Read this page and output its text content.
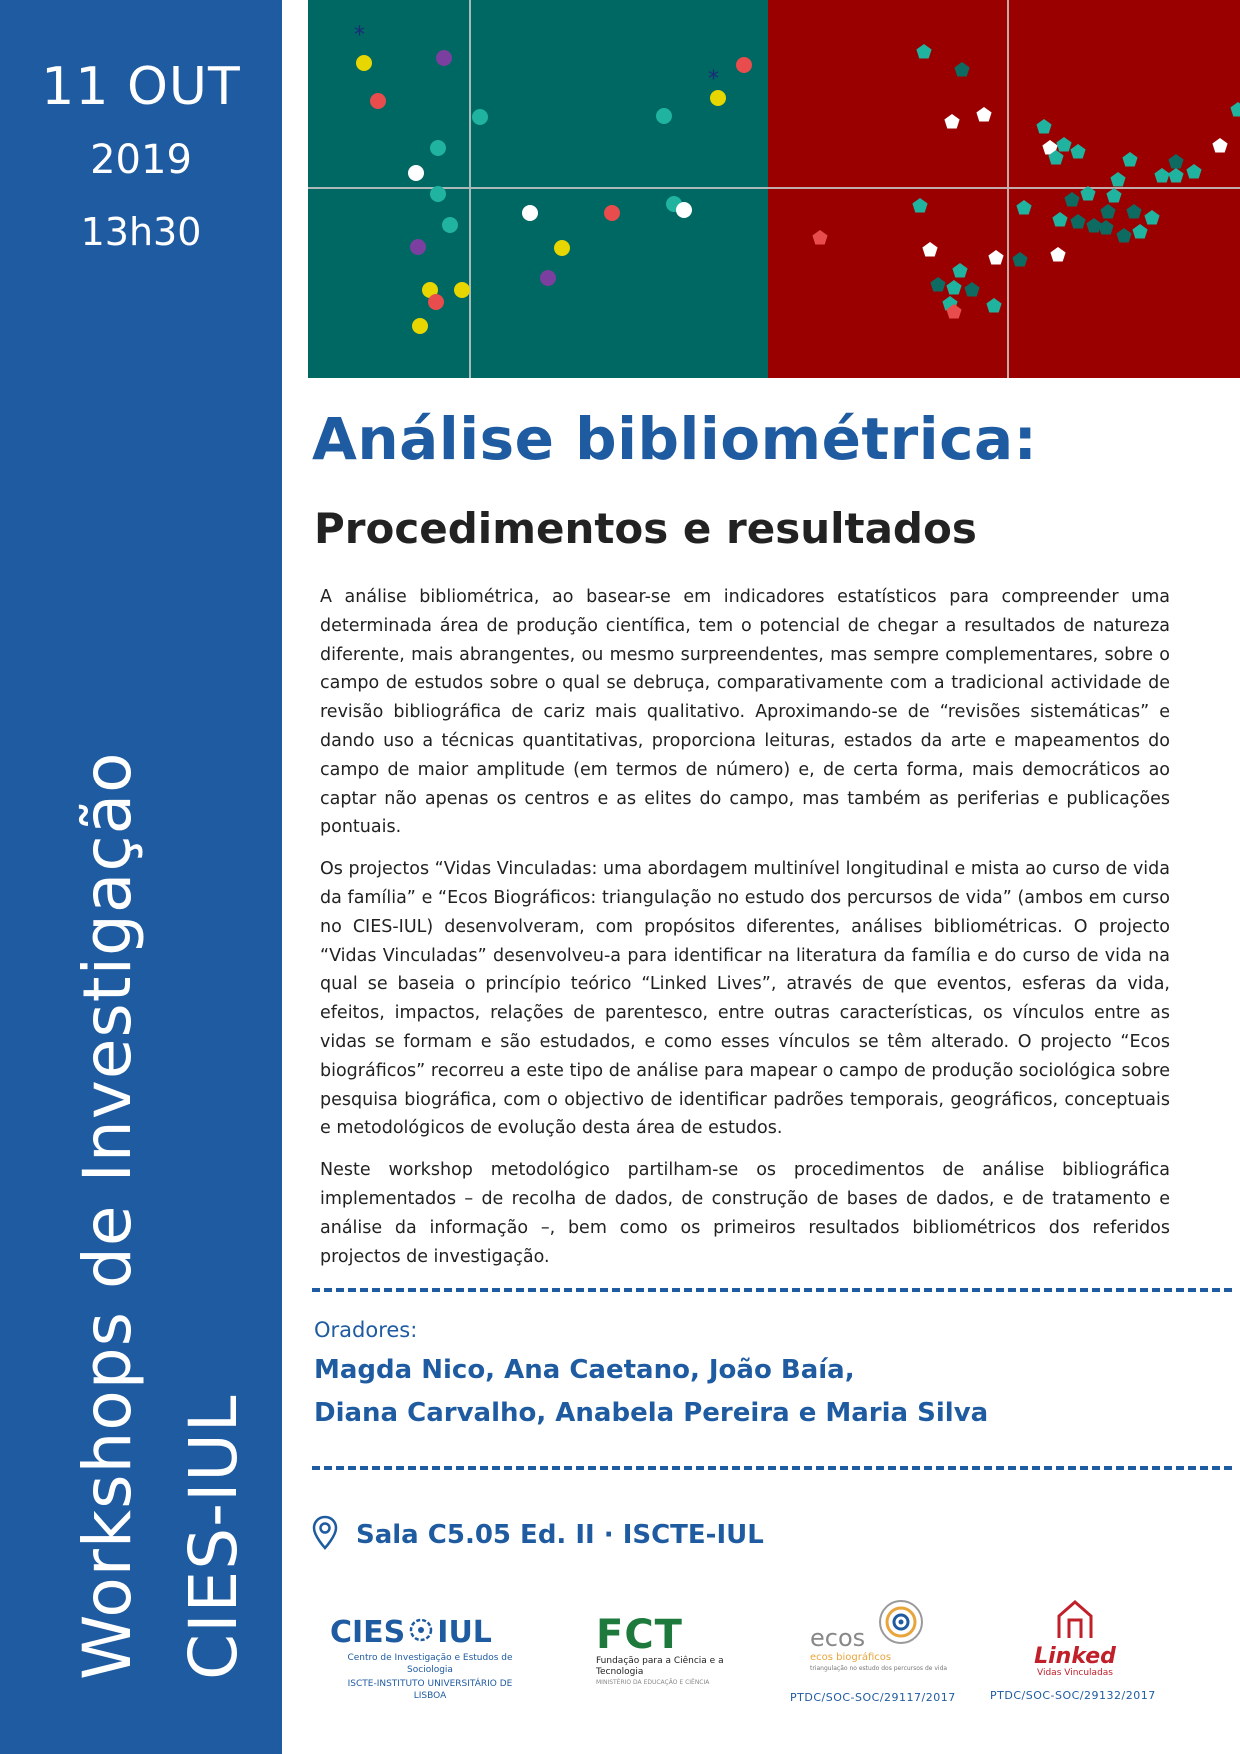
11 OUT
2019
13h30
Workshops de Investigação CIES-IUL
*
*
Análise bibliométrica:
Procedimentos e resultados

A análise bibliométrica, ao basear-se em indicadores estatísticos para compreender uma determinada área de produção científica, tem o potencial de chegar a resultados de natureza diferente, mais abrangentes, ou mesmo surpreendentes, mas sempre complementares, sobre o campo de estudos sobre o qual se debruça, comparativamente com a tradicional actividade de revisão bibliográfica de cariz mais qualitativo. Aproximando-se de “revisões sistemáticas” e dando uso a técnicas quantitativas, proporciona leituras, estados da arte e mapeamentos do campo de maior amplitude (em termos de número) e, de certa forma, mais democráticos ao captar não apenas os centros e as elites do campo, mas também as periferias e publicações pontuais.

Os projectos “Vidas Vinculadas: uma abordagem multinível longitudinal e mista ao curso de vida da família” e “Ecos Biográficos: triangulação no estudo dos percursos de vida” (ambos em curso no CIES-IUL) desenvolveram, com propósitos diferentes, análises bibliométricas. O projecto “Vidas Vinculadas” desenvolveu-a para identificar na literatura da família e do curso de vida na qual se baseia o princípio teórico “Linked Lives”, através de que eventos, esferas da vida, efeitos, impactos, relações de parentesco, entre outras características, os vínculos entre as vidas se formam e são estudados, e como esses vínculos se têm alterado. O projecto “Ecos biográficos” recorreu a este tipo de análise para mapear o campo de produção sociológica sobre pesquisa biográfica, com o objectivo de identificar padrões temporais, geográficos, conceptuais e metodológicos de evolução desta área de estudos.

Neste workshop metodológico partilham-se os procedimentos de análise bibliográfica implementados – de recolha de dados, de construção de bases de dados, e de tratamento e análise da informação –, bem como os primeiros resultados bibliométricos dos referidos projectos de investigação.

Oradores:
Magda Nico, Ana Caetano, João Baía,
Diana Carvalho, Anabela Pereira e Maria Silva
Sala C5.05 Ed. II · ISCTE-IUL
CIES IUL
Centro de Investigação e Estudos de Sociologia
ISCTE-INSTITUTO UNIVERSITÁRIO DE LISBOA
FCT
Fundação para a Ciência e a Tecnologia
MINISTÉRIO DA EDUCAÇÃO E CIÊNCIA
ecos
ecos biográficos
triangulação no estudo dos percursos de vida	Linked
Vidas Vinculadas
PTDC/SOC-SOC/29117/2017	PTDC/SOC-SOC/29132/2017
